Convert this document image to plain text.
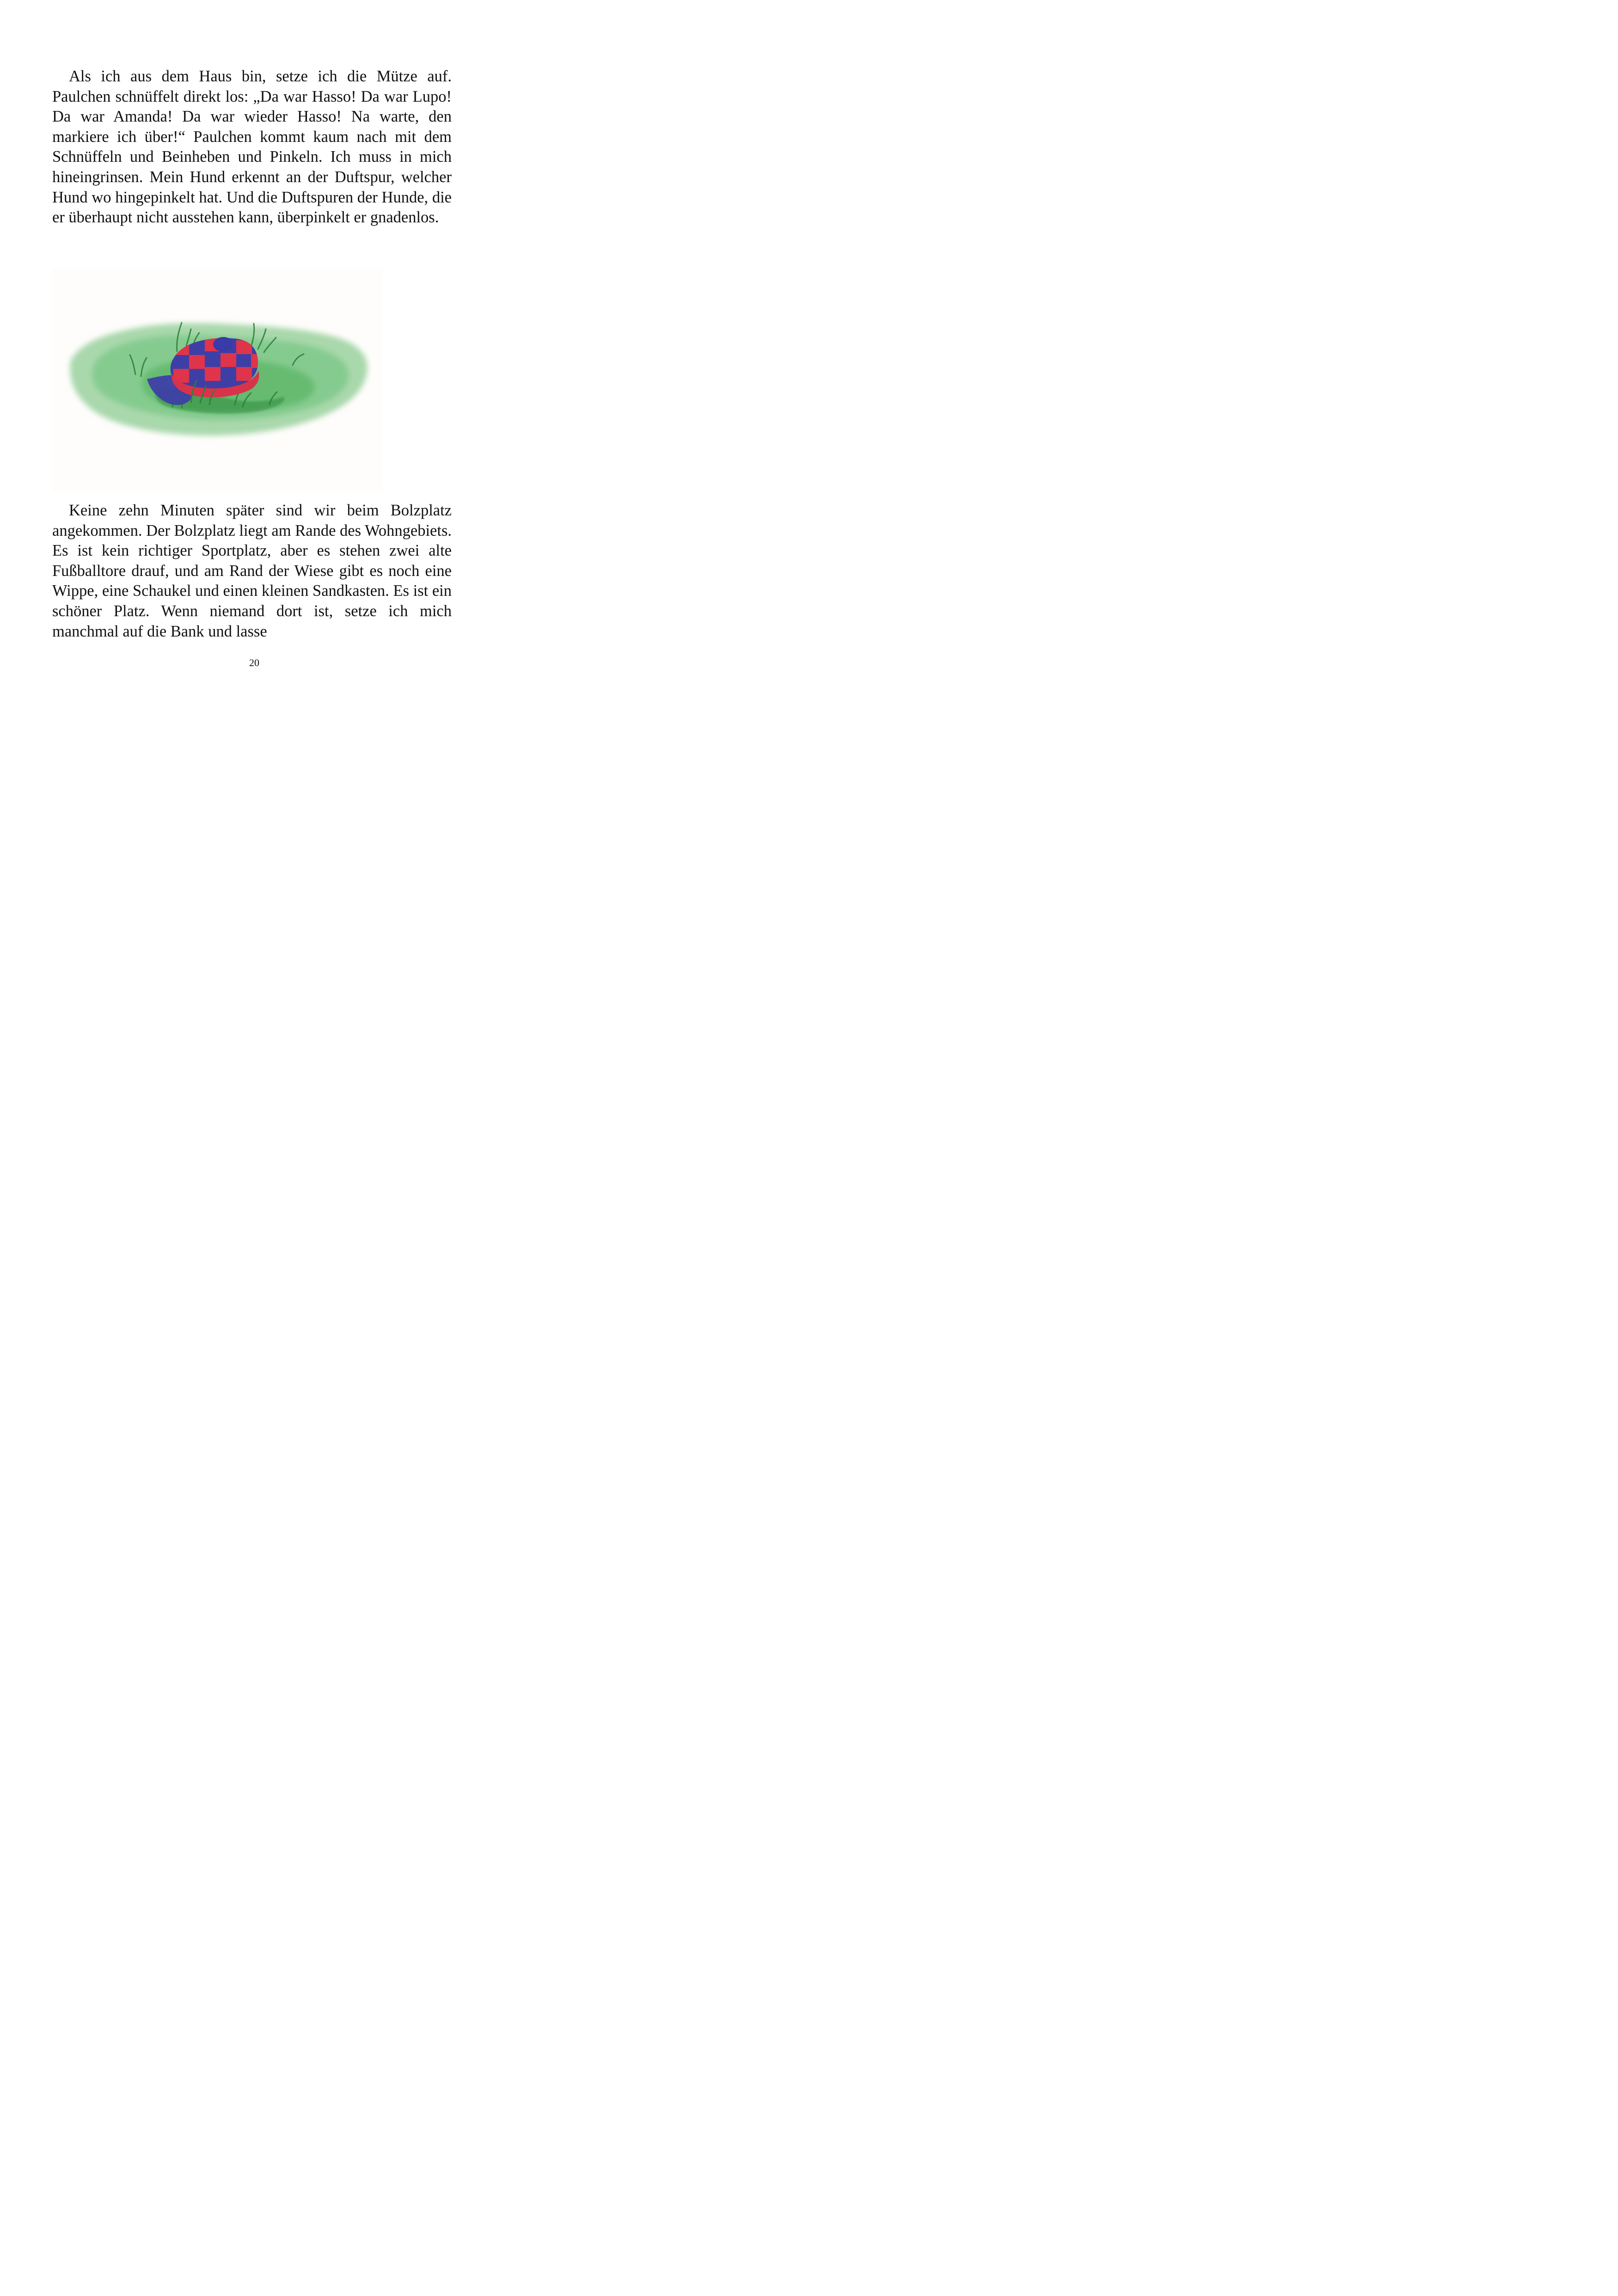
Als ich aus dem Haus bin, setze ich die Mütze auf. Paulchen schnüffelt direkt los: „Da war Hasso! Da war Lupo! Da war Amanda! Da war wieder Hasso! Na warte, den markiere ich über!“ Paulchen kommt kaum nach mit dem Schnüffeln und Beinheben und Pinkeln. Ich muss in mich hineingrinsen. Mein Hund erkennt an der Duftspur, welcher Hund wo hingepinkelt hat. Und die Duftspuren der Hunde, die er überhaupt nicht ausstehen kann, überpinkelt er gnadenlos.

Keine zehn Minuten später sind wir beim Bolzplatz angekommen. Der Bolzplatz liegt am Rande des Wohngebiets. Es ist kein richtiger Sportplatz, aber es stehen zwei alte Fußballtore drauf, und am Rand der Wiese gibt es noch eine Wippe, eine Schaukel und einen kleinen Sandkasten. Es ist ein schöner Platz. Wenn niemand dort ist, setze ich mich manchmal auf die Bank und lasse

20
